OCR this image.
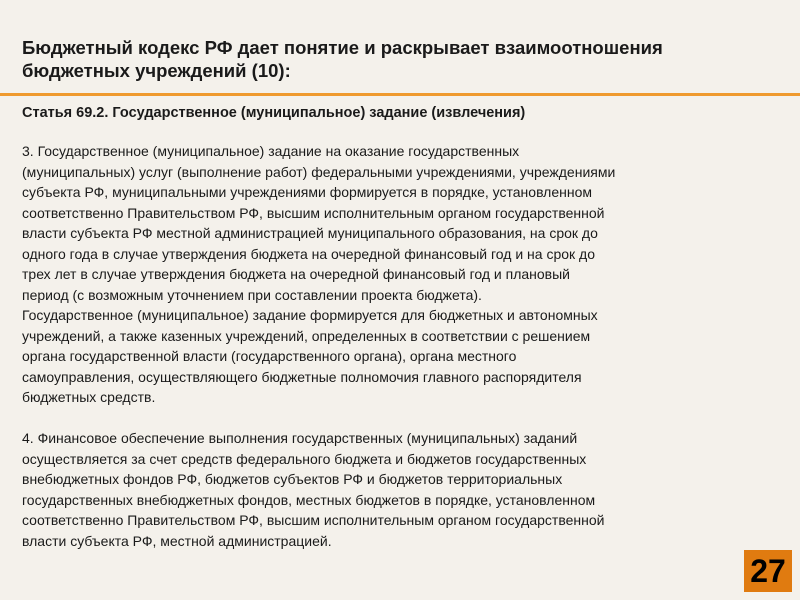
Бюджетный кодекс РФ дает понятие и раскрывает взаимоотношения бюджетных учреждений (10):
Статья 69.2. Государственное (муниципальное) задание (извлечения)

3. Государственное (муниципальное) задание на оказание государственных
(муниципальных) услуг (выполнение работ) федеральными учреждениями, учреждениями
субъекта РФ, муниципальными учреждениями формируется в порядке, установленном
соответственно Правительством РФ, высшим исполнительным органом государственной
власти субъекта РФ местной администрацией муниципального образования, на срок до
одного года в случае утверждения бюджета на очередной финансовый год и на срок до
трех лет в случае утверждения бюджета на очередной финансовый год и плановый
период (с возможным уточнением при составлении проекта бюджета).

Государственное (муниципальное) задание формируется для бюджетных и автономных
учреждений, а также казенных учреждений, определенных в соответствии с решением
органа государственной власти (государственного органа), органа местного
самоуправления, осуществляющего бюджетные полномочия главного распорядителя
бюджетных средств.

4. Финансовое обеспечение выполнения государственных (муниципальных) заданий
осуществляется за счет средств федерального бюджета и бюджетов государственных
внебюджетных фондов РФ, бюджетов субъектов РФ и бюджетов территориальных
государственных внебюджетных фондов, местных бюджетов в порядке, установленном
соответственно Правительством РФ, высшим исполнительным органом государственной
власти субъекта РФ, местной администрацией.

27
